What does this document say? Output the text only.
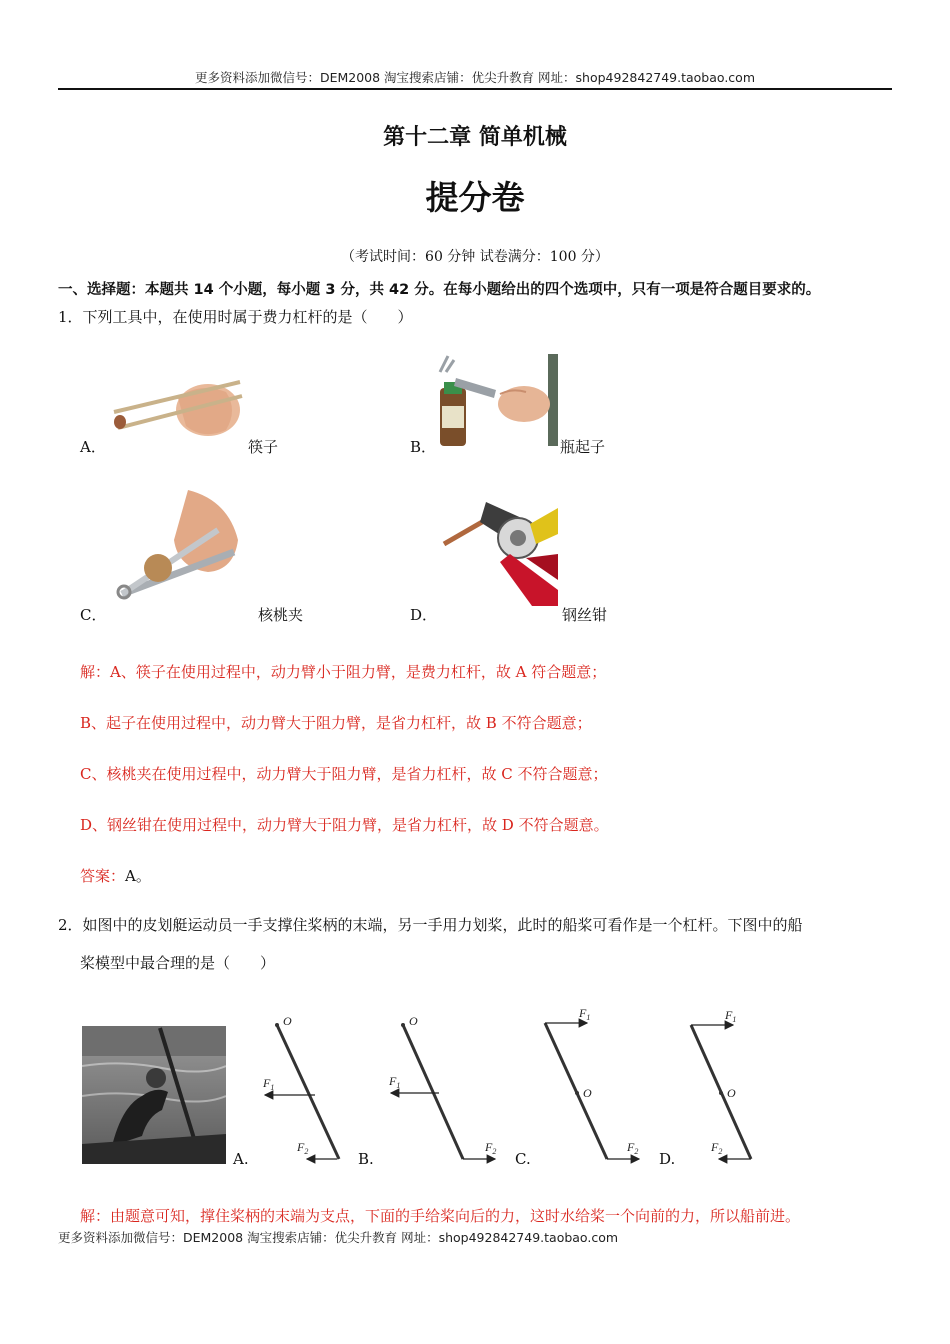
更多资料添加微信号：DEM2008 淘宝搜索店铺：优尖升教育 网址：shop492842749.taobao.com
第十二章 简单机械
提分卷
（考试时间：60 分钟 试卷满分：100 分）
一、选择题：本题共 14 个小题，每小题 3 分，共 42 分。在每小题给出的四个选项中，只有一项是符合题目要求的。
1．下列工具中，在使用时属于费力杠杆的是（　　）
A．	筷子	B．	瓶起子
C．	核桃夹	D．	钢丝钳
解：A、筷子在使用过程中，动力臂小于阻力臂，是费力杠杆，故 A 符合题意；
B、起子在使用过程中，动力臂大于阻力臂，是省力杠杆，故 B 不符合题意；
C、核桃夹在使用过程中，动力臂大于阻力臂，是省力杠杆，故 C 不符合题意；
D、钢丝钳在使用过程中，动力臂大于阻力臂，是省力杠杆，故 D 不符合题意。
答案：A。
2．如图中的皮划艇运动员一手支撑住桨柄的末端，另一手用力划桨，此时的船桨可看作是一个杠杆。下图中的船
桨模型中最合理的是（　　）
O
$F_1$
$F_2$
O
$F_1$
$F_2$
$F_1$
O
$F_2$
$F_1$
O
$F_2$
A.	B.	C.	D.
解：由题意可知，撑住桨柄的末端为支点，下面的手给桨向后的力，这时水给桨一个向前的力，所以船前进。
更多资料添加微信号：DEM2008 淘宝搜索店铺：优尖升教育 网址：shop492842749.taobao.com
